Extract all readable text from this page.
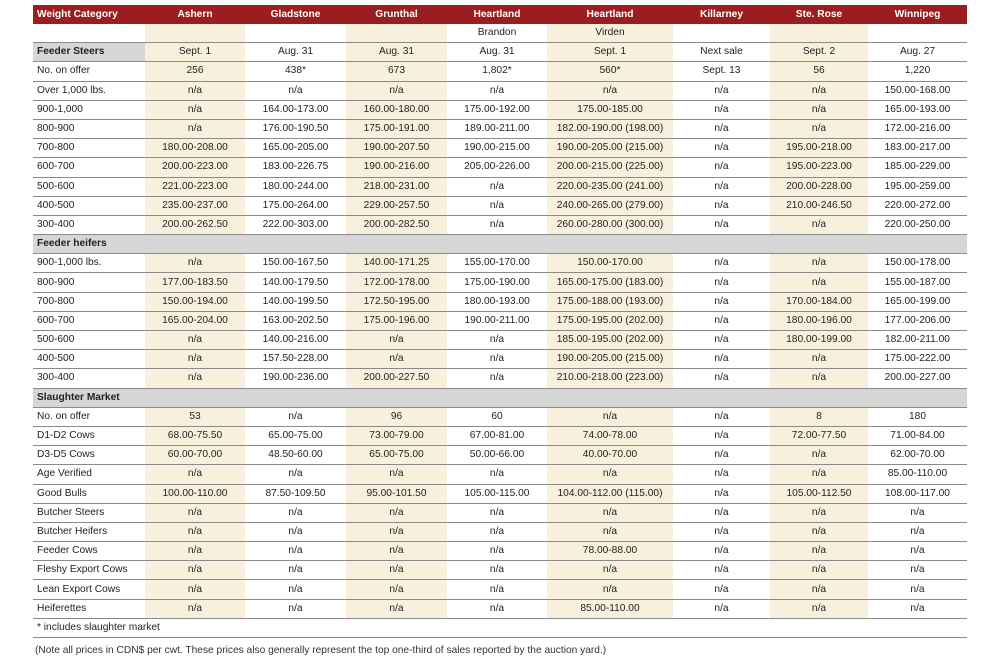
Weight Category	Ashern	Gladstone	Grunthal	Heartland	Heartland	Killarney	Ste. Rose	Winnipeg
				Brandon	Virden			
Feeder Steers	Sept. 1	Aug. 31	Aug. 31	Aug. 31	Sept. 1	Next sale	Sept. 2	Aug. 27
No. on offer	256	438*	673	1,802*	560*	Sept. 13	56	1,220
Over 1,000 lbs.	n/a	n/a	n/a	n/a	n/a	n/a	n/a	150.00-168.00
900-1,000	n/a	164.00-173.00	160.00-180.00	175.00-192.00	175.00-185.00	n/a	n/a	165.00-193.00
800-900	n/a	176.00-190.50	175.00-191.00	189.00-211.00	182.00-190.00 (198.00)	n/a	n/a	172.00-216.00
700-800	180.00-208.00	165.00-205.00	190.00-207.50	190.00-215.00	190.00-205.00 (215.00)	n/a	195.00-218.00	183.00-217.00
600-700	200.00-223.00	183.00-226.75	190.00-216.00	205.00-226.00	200.00-215.00 (225.00)	n/a	195.00-223.00	185.00-229.00
500-600	221.00-223.00	180.00-244.00	218.00-231.00	n/a	220.00-235.00 (241.00)	n/a	200.00-228.00	195.00-259.00
400-500	235.00-237.00	175.00-264.00	229.00-257.50	n/a	240.00-265.00 (279.00)	n/a	210.00-246.50	220.00-272.00
300-400	200.00-262.50	222.00-303.00	200.00-282.50	n/a	260.00-280.00 (300.00)	n/a	n/a	220.00-250.00
Feeder heifers								
900-1,000 lbs.	n/a	150.00-167.50	140.00-171.25	155.00-170.00	150.00-170.00	n/a	n/a	150.00-178.00
800-900	177.00-183.50	140.00-179.50	172.00-178.00	175.00-190.00	165.00-175.00 (183.00)	n/a	n/a	155.00-187.00
700-800	150.00-194.00	140.00-199.50	172.50-195.00	180.00-193.00	175.00-188.00 (193.00)	n/a	170.00-184.00	165.00-199.00
600-700	165.00-204.00	163.00-202.50	175.00-196.00	190.00-211.00	175.00-195.00 (202.00)	n/a	180.00-196.00	177.00-206.00
500-600	n/a	140.00-216.00	n/a	n/a	185.00-195.00 (202.00)	n/a	180.00-199.00	182.00-211.00
400-500	n/a	157.50-228.00	n/a	n/a	190.00-205.00 (215.00)	n/a	n/a	175.00-222.00
300-400	n/a	190.00-236.00	200.00-227.50	n/a	210.00-218.00 (223.00)	n/a	n/a	200.00-227.00
Slaughter Market								
No. on offer	53	n/a	96	60	n/a	n/a	8	180
D1-D2 Cows	68.00-75.50	65.00-75.00	73.00-79.00	67.00-81.00	74.00-78.00	n/a	72.00-77.50	71.00-84.00
D3-D5 Cows	60.00-70.00	48.50-60.00	65.00-75.00	50.00-66.00	40.00-70.00	n/a	n/a	62.00-70.00
Age Verified	n/a	n/a	n/a	n/a	n/a	n/a	n/a	85.00-110.00
Good Bulls	100.00-110.00	87.50-109.50	95.00-101.50	105.00-115.00	104.00-112.00 (115.00)	n/a	105.00-112.50	108.00-117.00
Butcher Steers	n/a	n/a	n/a	n/a	n/a	n/a	n/a	n/a
Butcher Heifers	n/a	n/a	n/a	n/a	n/a	n/a	n/a	n/a
Feeder Cows	n/a	n/a	n/a	n/a	78.00-88.00	n/a	n/a	n/a
Fleshy Export Cows	n/a	n/a	n/a	n/a	n/a	n/a	n/a	n/a
Lean Export Cows	n/a	n/a	n/a	n/a	n/a	n/a	n/a	n/a
Heiferettes	n/a	n/a	n/a	n/a	85.00-110.00	n/a	n/a	n/a
* includes slaughter market								
(Note all prices in CDN$ per cwt. These prices also generally represent the top one-third of sales reported by the auction yard.)
